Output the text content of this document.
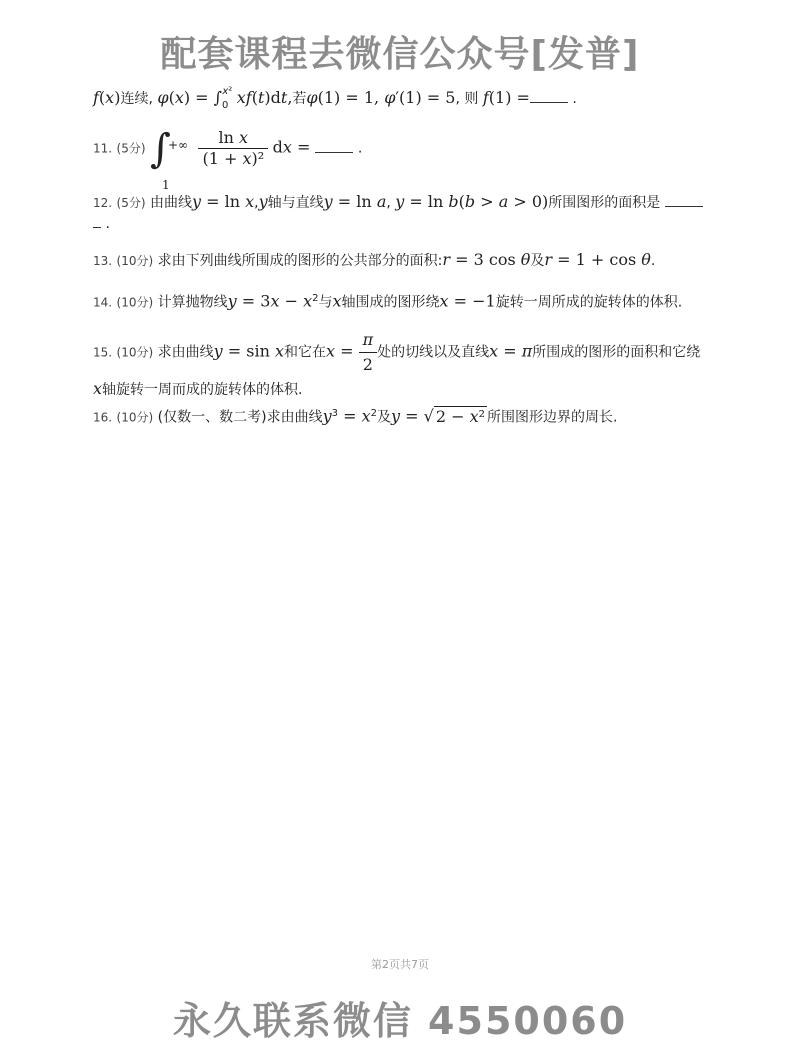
配套课程去微信公众号[发普]
f(x)连续, $\varphi(x) = \int_0^{x^2}$ xf(t)dt,若φ(1) = 1, φ′(1) = 5, 则 f(1) =	.
11. (5分) ∫
+∞
1

$\frac{\text{ln x}}{\text{(1 + x)²}}$ dx =	.
12. (5分) 由曲线y = ln x,y轴与直线y = ln a, y = ln b(b > a > 0)所围图形的面积是
.
13. (10分) 求由下列曲线所围成的图形的公共部分的面积:r = 3 cos θ及r = 1 + cos θ.
14. (10分) 计算抛物线$y = 3x - x^2$与x轴围成的图形绕x = −1旋转一周所成的旋转体的体积.
15. (10分) 求由曲线y = sin x和它在$x = \frac{\pi}{2}$ 处的切线以及直线x = π所围成的图形的面积和它绕
x轴旋转一周而成的旋转体的体积.
16. (10分) (仅数一、数二考)求由曲线$y^3 = x^2$及y = √ 2 − x² 所围图形边界的周长.
第2页共7页
永久联系微信 4550060
